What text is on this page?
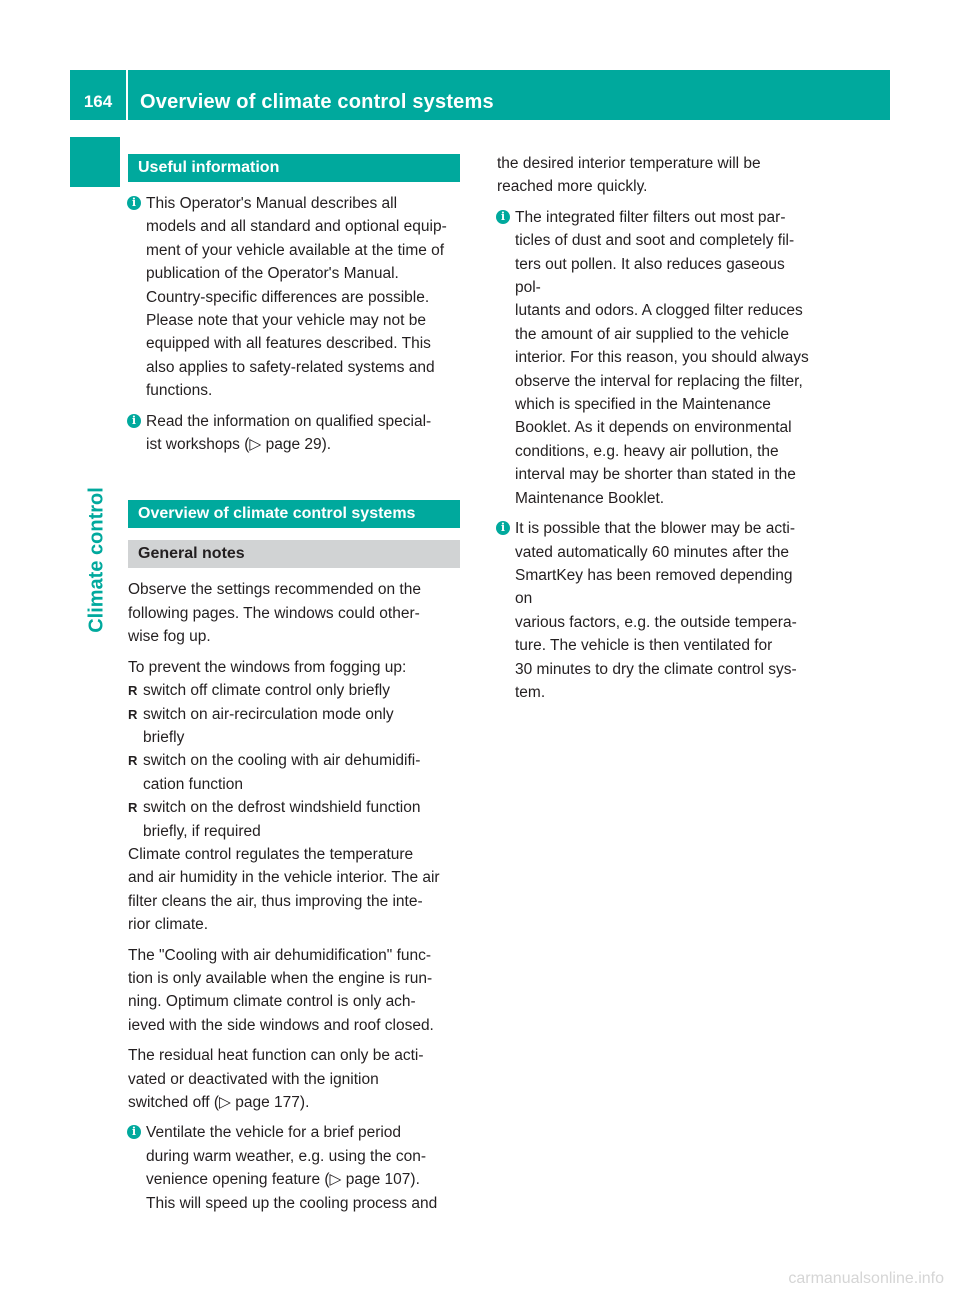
164	Overview of climate control systems
Climate control
Useful information
i This Operator's Manual describes all
models and all standard and optional equip-
ment of your vehicle available at the time of
publication of the Operator's Manual.
Country-specific differences are possible.
Please note that your vehicle may not be
equipped with all features described. This
also applies to safety-related systems and
functions.
i Read the information on qualified special-
ist workshops (▷ page 29).
Overview of climate control systems
General notes

Observe the settings recommended on the
following pages. The windows could other-
wise fog up.

To prevent the windows from fogging up:

R switch off climate control only briefly
R switch on air-recirculation mode only
briefly
R switch on the cooling with air dehumidifi-
cation function
R switch on the defrost windshield function
briefly, if required

Climate control regulates the temperature
and air humidity in the vehicle interior. The air
filter cleans the air, thus improving the inte-
rior climate.

The "Cooling with air dehumidification" func-
tion is only available when the engine is run-
ning. Optimum climate control is only ach-
ieved with the side windows and roof closed.

The residual heat function can only be acti-
vated or deactivated with the ignition
switched off (▷ page 177).

i Ventilate the vehicle for a brief period
during warm weather, e.g. using the con-
venience opening feature (▷ page 107).
This will speed up the cooling process and

the desired interior temperature will be
reached more quickly.

i The integrated filter filters out most par-
ticles of dust and soot and completely fil-
ters out pollen. It also reduces gaseous pol-
lutants and odors. A clogged filter reduces
the amount of air supplied to the vehicle
interior. For this reason, you should always
observe the interval for replacing the filter,
which is specified in the Maintenance
Booklet. As it depends on environmental
conditions, e.g. heavy air pollution, the
interval may be shorter than stated in the
Maintenance Booklet.
i It is possible that the blower may be acti-
vated automatically 60 minutes after the
SmartKey has been removed depending on
various factors, e.g. the outside tempera-
ture. The vehicle is then ventilated for
30 minutes to dry the climate control sys-
tem.
carmanualsonline.info
